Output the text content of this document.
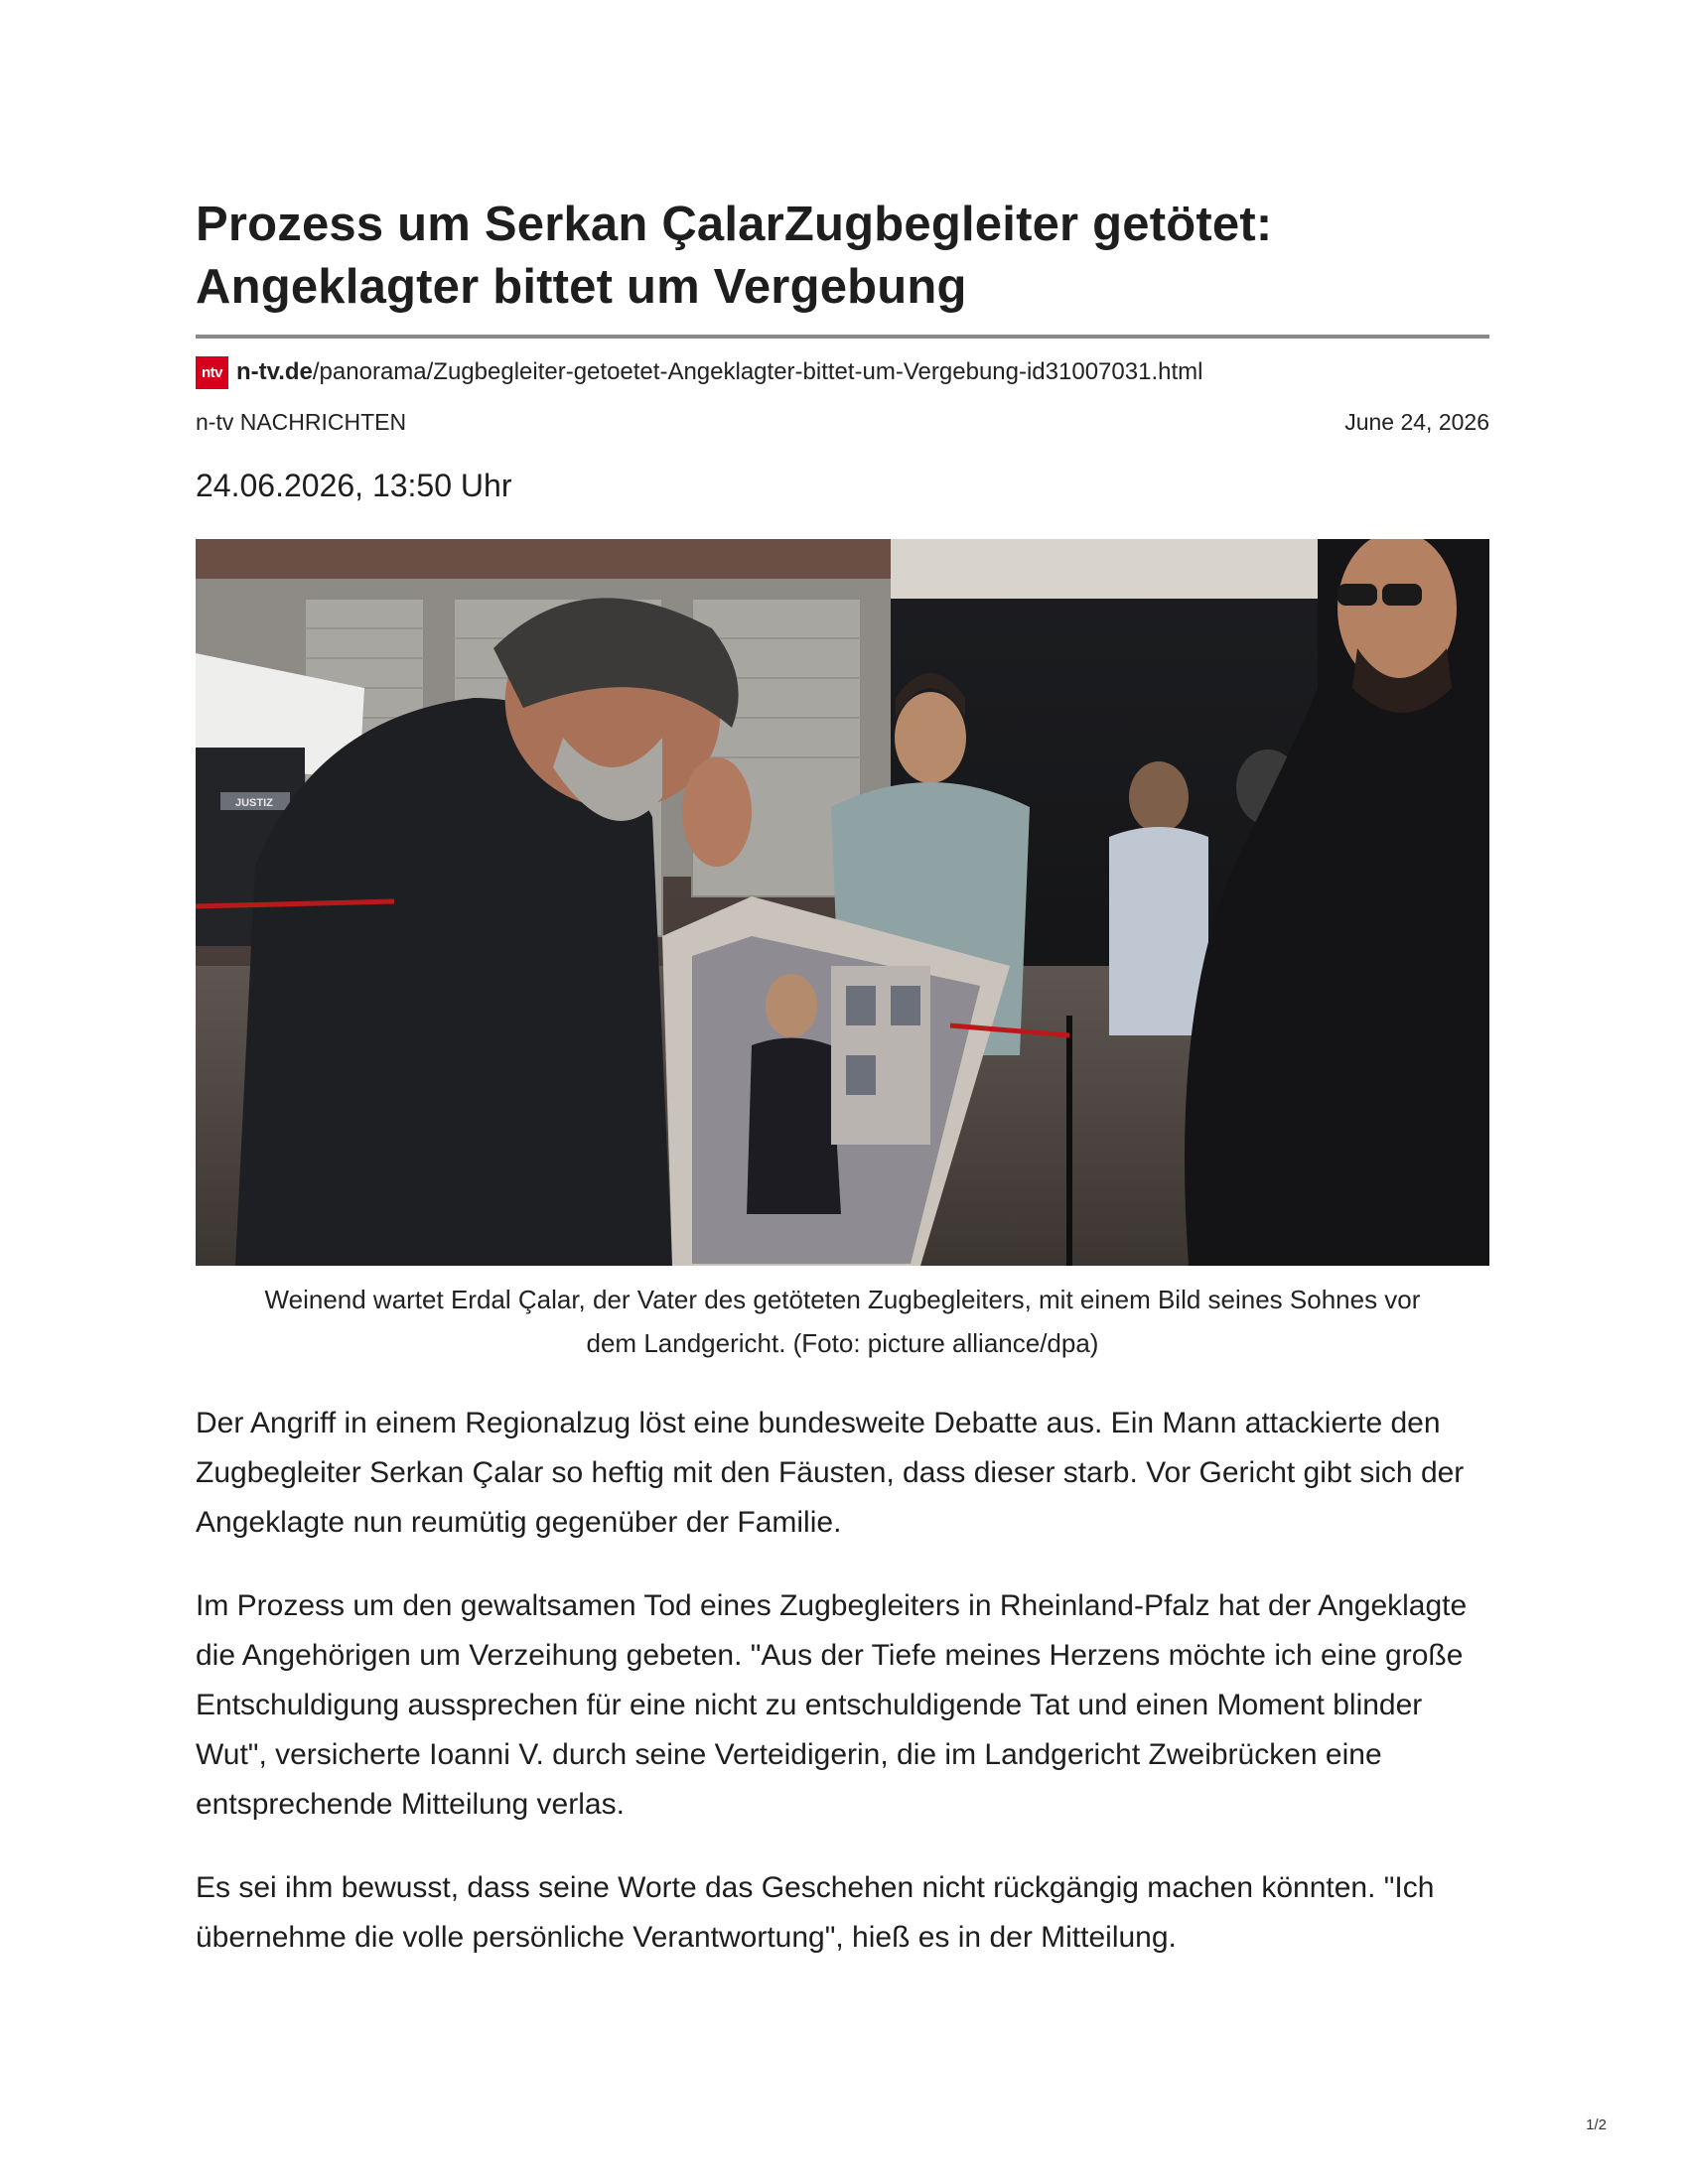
Prozess um Serkan ÇalarZugbegleiter getötet:
Angeklagter bittet um Vergebung
ntv n-tv.de /panorama/Zugbegleiter-getoetet-Angeklagter-bittet-um-Vergebung-id31007031.html
n-tv NACHRICHTEN	June 24, 2026
24.06.2026, 13:50 Uhr
JUSTIZ
Weinend wartet Erdal Çalar, der Vater des getöteten Zugbegleiters, mit einem Bild seines Sohnes vor
dem Landgericht. (Foto: picture alliance/dpa)

Der Angriff in einem Regionalzug löst eine bundesweite Debatte aus. Ein Mann attackierte den Zugbegleiter Serkan Çalar so heftig mit den Fäusten, dass dieser starb. Vor Gericht gibt sich der Angeklagte nun reumütig gegenüber der Familie.

Im Prozess um den gewaltsamen Tod eines Zugbegleiters in Rheinland-Pfalz hat der Angeklagte die Angehörigen um Verzeihung gebeten. "Aus der Tiefe meines Herzens möchte ich eine große Entschuldigung aussprechen für eine nicht zu entschuldigende Tat und einen Moment blinder Wut", versicherte Ioanni V. durch seine Verteidigerin, die im Landgericht Zweibrücken eine entsprechende Mitteilung verlas.

Es sei ihm bewusst, dass seine Worte das Geschehen nicht rückgängig machen könnten. "Ich übernehme die volle persönliche Verantwortung", hieß es in der Mitteilung.

1/2
